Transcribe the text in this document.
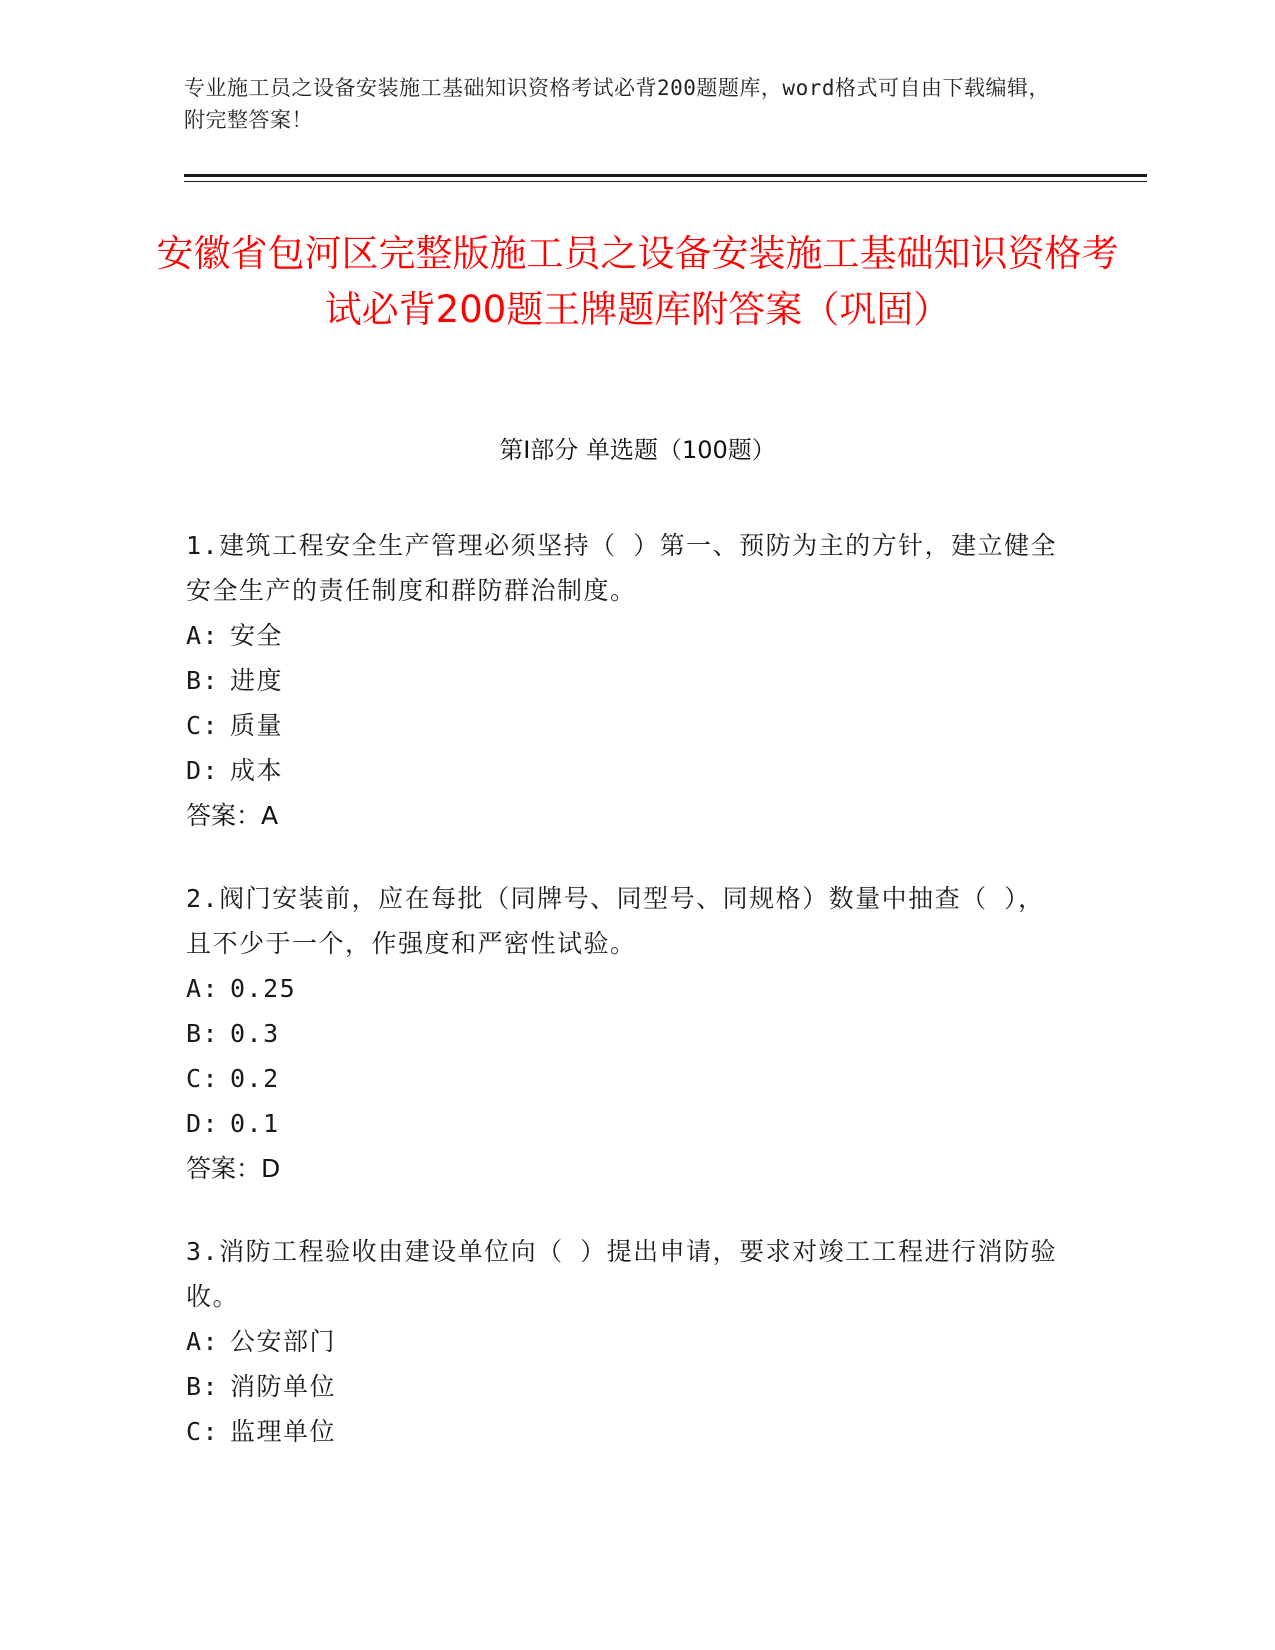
专业施工员之设备安装施工基础知识资格考试必背200题题库，word格式可自由下载编辑，附完整答案！
安徽省包河区完整版施工员之设备安装施工基础知识资格考试必背200题王牌题库附答案（巩固）
第Ⅰ部分 单选题（100题）
1.建筑工程安全生产管理必须坚持（ ）第一、预防为主的方针，建立健全安全生产的责任制度和群防群治制度。
A: 安全
B: 进度
C: 质量
D: 成本
答案：A
2.阀门安装前，应在每批（同牌号、同型号、同规格）数量中抽查（ ），且不少于一个，作强度和严密性试验。
A: 0.25
B: 0.3
C: 0.2
D: 0.1
答案：D
3.消防工程验收由建设单位向（ ）提出申请，要求对竣工工程进行消防验收。
A: 公安部门
B: 消防单位
C: 监理单位
